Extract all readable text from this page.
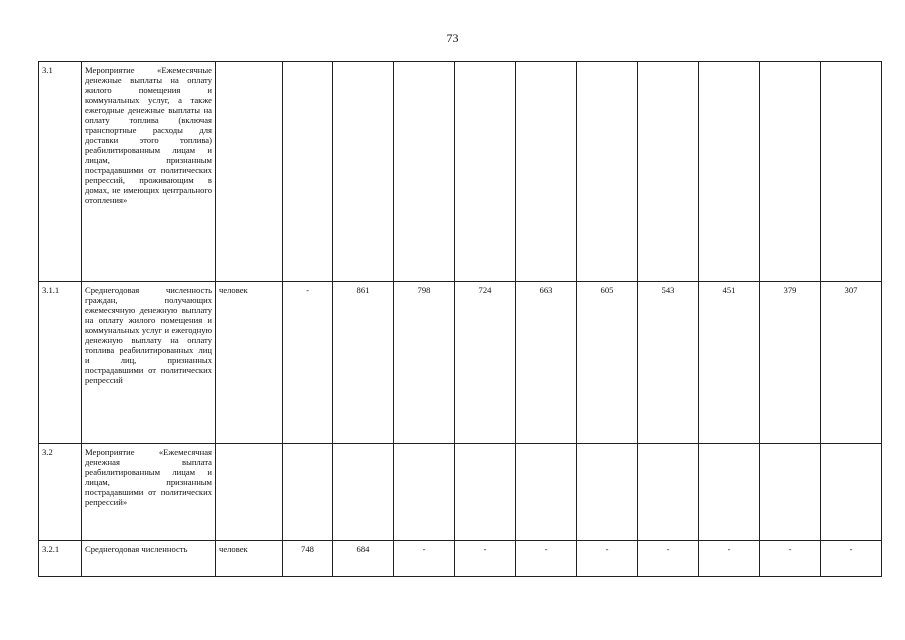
73
3.1	Мероприятие «Ежемесячные денежные выплаты на оплату жилого помещения и коммунальных услуг, а также ежегодные денежные выплаты на оплату топлива (включая транспортные расходы для доставки этого топлива) реабилитированным лицам и лицам, признанным пострадавшими от политических репрессий, проживающим в домах, не имеющих центрального отопления»											
3.1.1	Среднегодовая численность граждан, получающих ежемесячную денежную выплату на оплату жилого помещения и коммунальных услуг и ежегодную денежную выплату на оплату топлива реабилитированных лиц и лиц, признанных пострадавшими от политических репрессий	человек	-	861	798	724	663	605	543	451	379	307
3.2	Мероприятие «Ежемесячная денежная выплата реабилитированным лицам и лицам, признанным пострадавшими от политических репрессий»											
3.2.1	Среднегодовая численность	человек	748	684	-	-	-	-	-	-	-	-
